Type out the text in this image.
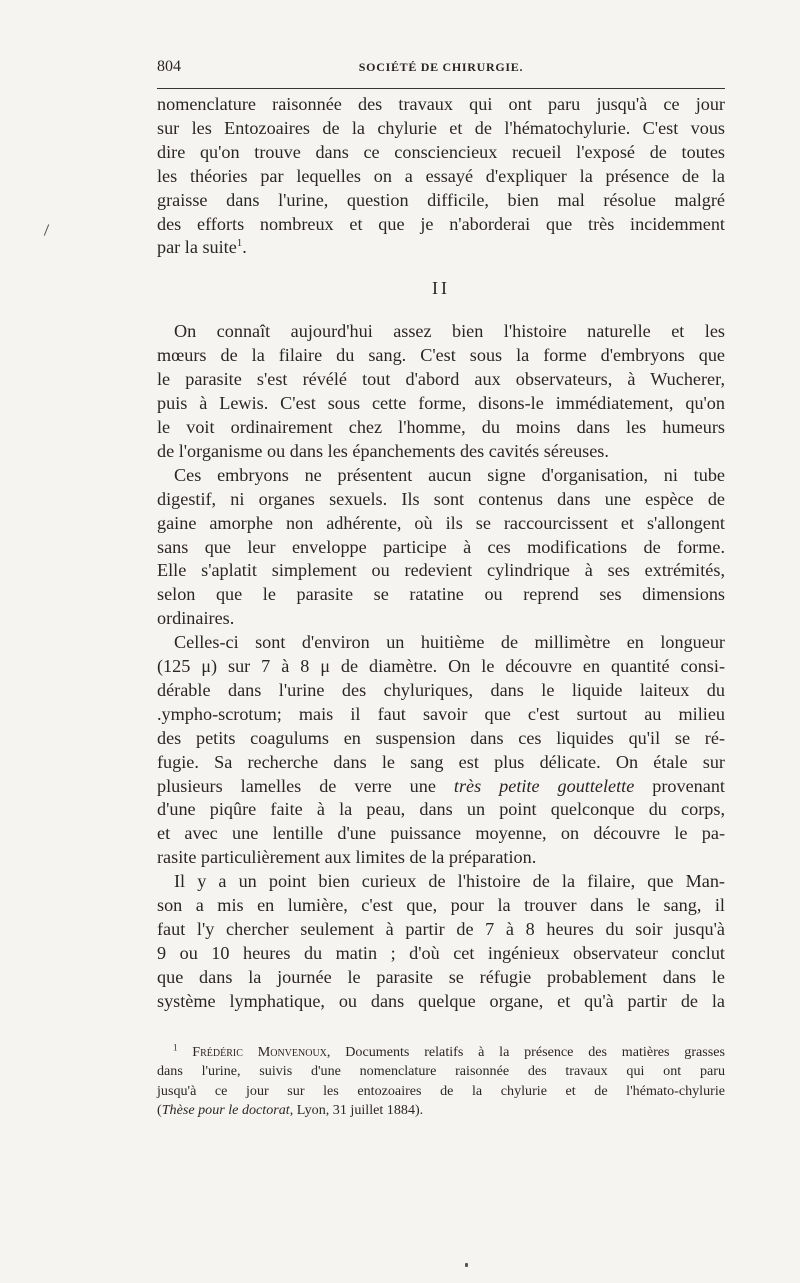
804	SOCIÉTÉ DE CHIRURGIE.

nomenclature raisonnée des travaux qui ont paru jusqu'à ce jour

sur les Entozoaires de la chylurie et de l'hématochylurie. C'est vous

dire qu'on trouve dans ce consciencieux recueil l'exposé de toutes

les théories par lequelles on a essayé d'expliquer la présence de la

graisse dans l'urine, question difficile, bien mal résolue malgré

des efforts nombreux et que je n'aborderai que très incidemment

par la suite$^1$.

II

On connaît aujourd'hui assez bien l'histoire naturelle et les

mœurs de la filaire du sang. C'est sous la forme d'embryons que

le parasite s'est révélé tout d'abord aux observateurs, à Wucherer,

puis à Lewis. C'est sous cette forme, disons-le immédiatement, qu'on

le voit ordinairement chez l'homme, du moins dans les humeurs

de l'organisme ou dans les épanchements des cavités séreuses.

Ces embryons ne présentent aucun signe d'organisation, ni tube

digestif, ni organes sexuels. Ils sont contenus dans une espèce de

gaine amorphe non adhérente, où ils se raccourcissent et s'allongent

sans que leur enveloppe participe à ces modifications de forme.

Elle s'aplatit simplement ou redevient cylindrique à ses extrémités,

selon que le parasite se ratatine ou reprend ses dimensions

ordinaires.

Celles-ci sont d'environ un huitième de millimètre en longueur

(125 μ) sur 7 à 8 μ de diamètre. On le découvre en quantité consi-

dérable dans l'urine des chyluriques, dans le liquide laiteux du

.ympho-scrotum; mais il faut savoir que c'est surtout au milieu

des petits coagulums en suspension dans ces liquides qu'il se ré-

fugie. Sa recherche dans le sang est plus délicate. On étale sur

plusieurs lamelles de verre une très petite gouttelette provenant

d'une piqûre faite à la peau, dans un point quelconque du corps,

et avec une lentille d'une puissance moyenne, on découvre le pa-

rasite particulièrement aux limites de la préparation.

Il y a un point bien curieux de l'histoire de la filaire, que Man-

son a mis en lumière, c'est que, pour la trouver dans le sang, il

faut l'y chercher seulement à partir de 7 à 8 heures du soir jusqu'à

9 ou 10 heures du matin ; d'où cet ingénieux observateur conclut

que dans la journée le parasite se réfugie probablement dans le

système lymphatique, ou dans quelque organe, et qu'à partir de la

$^1$ Frédéric Monvenoux, Documents relatifs à la présence des matières grasses

dans l'urine, suivis d'une nomenclature raisonnée des travaux qui ont paru

jusqu'à ce jour sur les entozoaires de la chylurie et de l'hémato-chylurie

(Thèse pour le doctorat, Lyon, 31 juillet 1884).
